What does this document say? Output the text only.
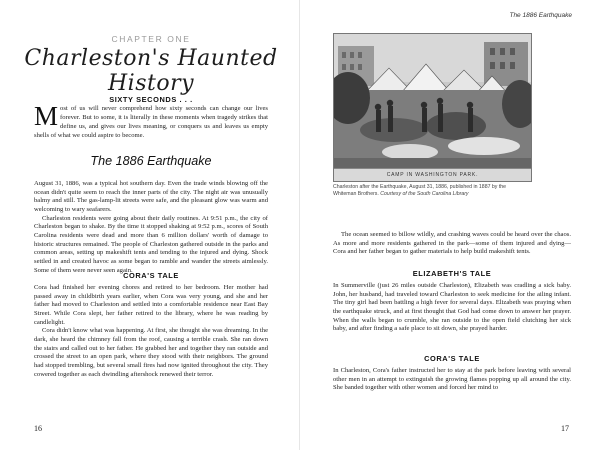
CHAPTER ONE
Charleston's Haunted History
SIXTY SECONDS . . .

Most of us will never comprehend how sixty seconds can change our lives forever. But to some, it is literally in these moments when tragedy strikes that define us, and gives our lives meaning, or conquers us and leaves us empty shells of what we could aspire to become.

The 1886 Earthquake

August 31, 1886, was a typical hot southern day. Even the trade winds blowing off the ocean didn't quite seem to reach the inner parts of the city. The night air was unusually balmy and still. The gas-lamp-lit streets were safe, and the pleasant glow was warm and welcoming to wary seafarers.

Charleston residents were going about their daily routines. At 9:51 p.m., the city of Charleston began to shake. By the time it stopped shaking at 9:52 p.m., scores of South Carolina residents were dead and more than 6 million dollars' worth of damage to historic structures remained. The people of Charleston gathered outside in the parks and common areas, setting up makeshift tents and tending to the injured and dying. Shock settled in and created havoc as some began to ramble and wander the streets aimlessly. Some of them were never seen again.

CORA'S TALE

Cora had finished her evening chores and retired to her bedroom. Her mother had passed away in childbirth years earlier, when Cora was very young, and she and her father had moved to Charleston and settled into a comfortable residence near East Bay Street. While Cora slept, her father retired to the library, where he was reading by candlelight.

Cora didn't know what was happening. At first, she thought she was dreaming. In the dark, she heard the chimney fall from the roof, causing a terrible crash. She ran down the stairs and called out to her father. He grabbed her and together they ran outside and crossed the street to an open park, where they stood with their neighbors. The ground had stopped trembling, but several small fires had now ignited throughout the city. They cowered together as each dwindling aftershock renewed their terror.

16
The 1886 Earthquake
CAMP IN WASHINGTON PARK.
Charleston after the Earthquake, August 31, 1886, published in 1887 by the Whiteman Brothers. Courtesy of the South Carolina Library

The ocean seemed to billow wildly, and crashing waves could be heard over the chaos. As more and more residents gathered in the park—some of them injured and dying—Cora and her father began to gather materials to help build makeshift tents.

ELIZABETH'S TALE

In Summerville (just 26 miles outside Charleston), Elizabeth was cradling a sick baby. John, her husband, had traveled toward Charleston to seek medicine for the ailing infant. The tiny girl had been battling a high fever for several days. Elizabeth was praying when the earthquake struck, and at first thought that God had come down to answer her prayer. When the walls began to crumble, she ran outside to the open field clutching her sick baby, and after finding a safe place to sit down, she prayed harder.

CORA'S TALE

In Charleston, Cora's father instructed her to stay at the park before leaving with several other men in an attempt to extinguish the growing flames popping up all around the city. She banded together with other women and forced her mind to

17
